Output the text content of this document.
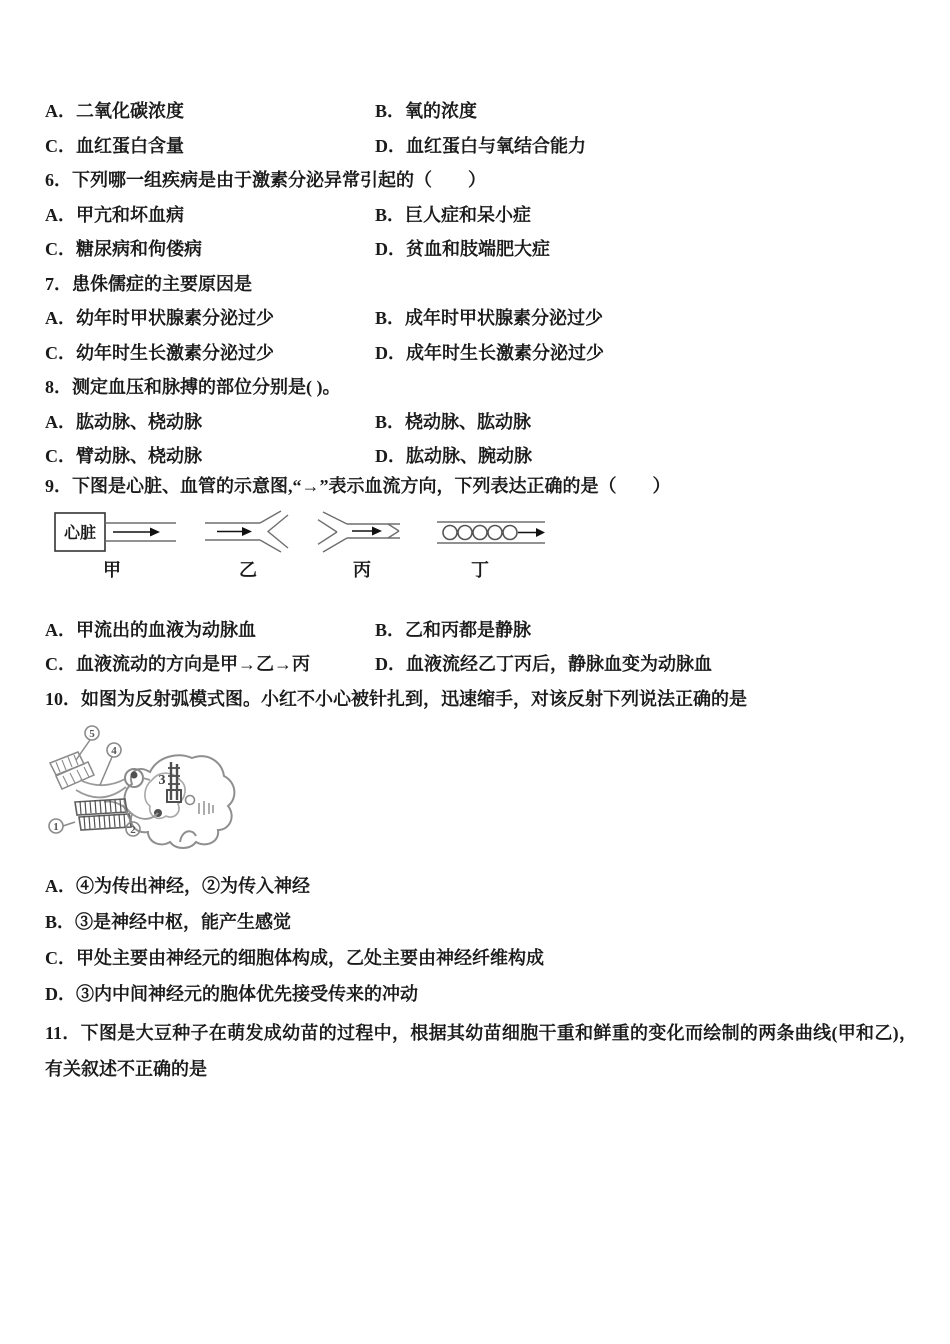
A．二氧化碳浓度	B．氧的浓度
C．血红蛋白含量	D．血红蛋白与氧结合能力
6．下列哪一组疾病是由于激素分泌异常引起的（　　）
A．甲亢和坏血病	B．巨人症和呆小症
C．糖尿病和佝偻病	D．贫血和肢端肥大症
7．患侏儒症的主要原因是
A．幼年时甲状腺素分泌过少	B．成年时甲状腺素分泌过少
C．幼年时生长激素分泌过少	D．成年时生长激素分泌过少
8．测定血压和脉搏的部位分别是( )。
A．肱动脉、桡动脉	B．桡动脉、肱动脉
C．臂动脉、桡动脉	D．肱动脉、腕动脉
9．下图是心脏、血管的示意图,“→”表示血流方向，下列表达正确的是（　　）
心脏
甲	乙	丙	丁
A．甲流出的血液为动脉血	B．乙和丙都是静脉
C．血液流动的方向是甲→乙→丙	D．血液流经乙丁丙后，静脉血变为动脉血
10．如图为反射弧模式图。小红不小心被针扎到，迅速缩手，对该反射下列说法正确的是
3
5
4
1	2
A．④为传出神经，②为传入神经
B．③是神经中枢，能产生感觉
C．甲处主要由神经元的细胞体构成，乙处主要由神经纤维构成
D．③内中间神经元的胞体优先接受传来的冲动
11．下图是大豆种子在萌发成幼苗的过程中，根据其幼苗细胞干重和鲜重的变化而绘制的两条曲线(甲和乙)，有关叙述不正确的是
